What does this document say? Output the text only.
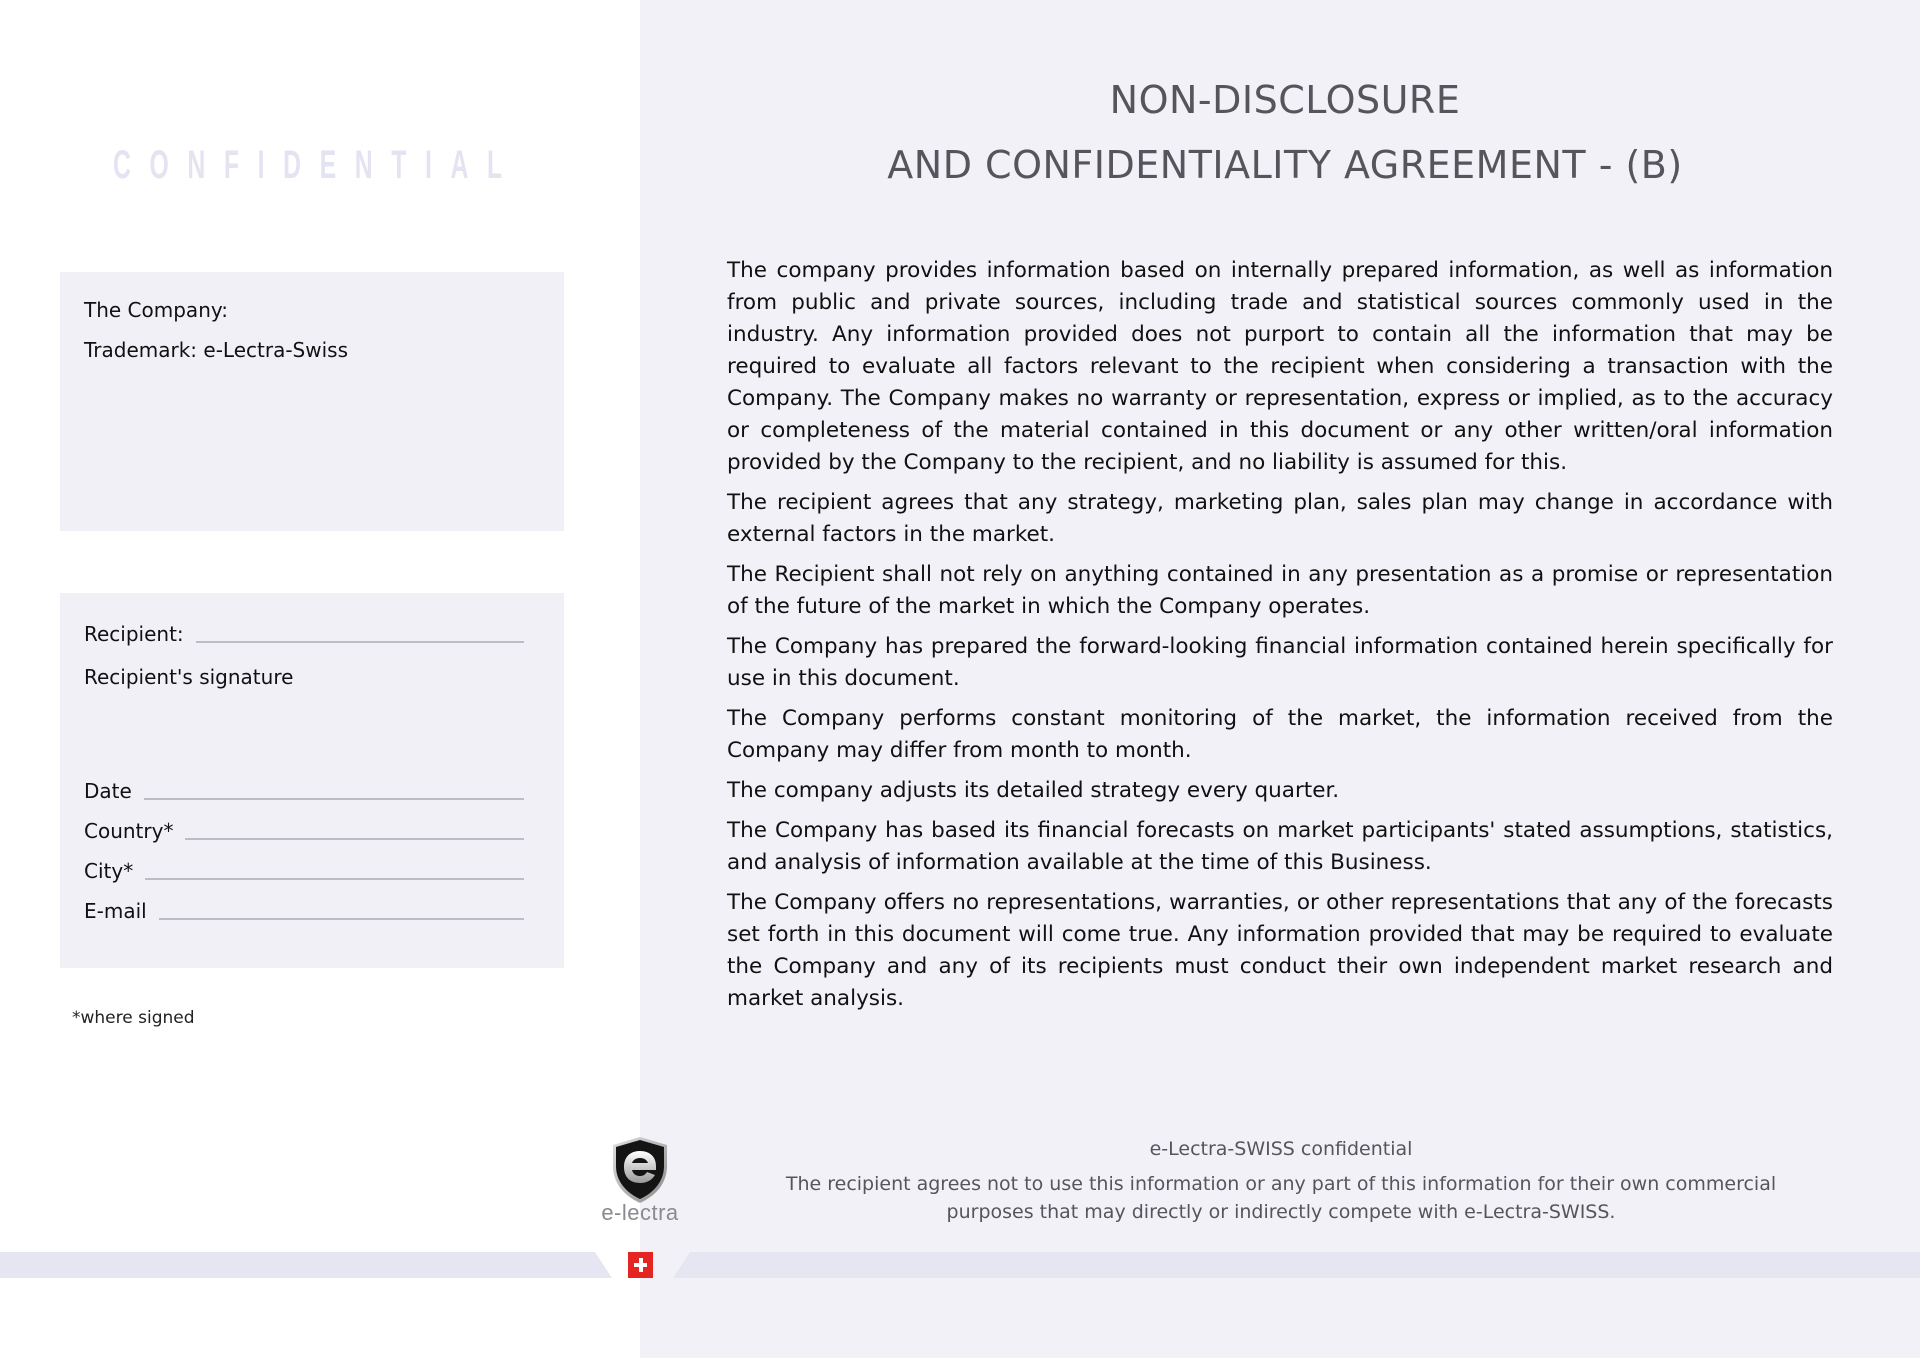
CONFIDENTIAL
The Company:
Trademark: e-Lectra-Swiss
Recipient:
Recipient's signature
Date
Country*
City*
E-mail
*where signed
NON-DISCLOSURE
AND CONFIDENTIALITY AGREEMENT - (B)

The company provides information based on internally prepared information, as well as information from public and private sources, including trade and statistical sources commonly used in the industry. Any information provided does not purport to contain all the information that may be required to evaluate all factors relevant to the recipient when considering a transaction with the Company. The Company makes no warranty or representation, express or implied, as to the accuracy or completeness of the material contained in this document or any other written/oral information provided by the Company to the recipient, and no liability is assumed for this.

The recipient agrees that any strategy, marketing plan, sales plan may change in accordance with external factors in the market.

The Recipient shall not rely on anything contained in any presentation as a promise or representation of the future of the market in which the Company operates.

The Company has prepared the forward-looking financial information contained herein specifically for use in this document.

The Company performs constant monitoring of the market, the information received from the Company may differ from month to month.

The company adjusts its detailed strategy every quarter.

The Company has based its financial forecasts on market participants' stated assumptions, statistics, and analysis of information available at the time of this Business.

The Company offers no representations, warranties, or other representations that any of the forecasts set forth in this document will come true. Any information provided that may be required to evaluate the Company and any of its recipients must conduct their own independent market research and market analysis.

e-Lectra-SWISS confidential
The recipient agrees not to use this information or any part of this information for their own commercial purposes that may directly or indirectly compete with e-Lectra-SWISS.
e-lectra
